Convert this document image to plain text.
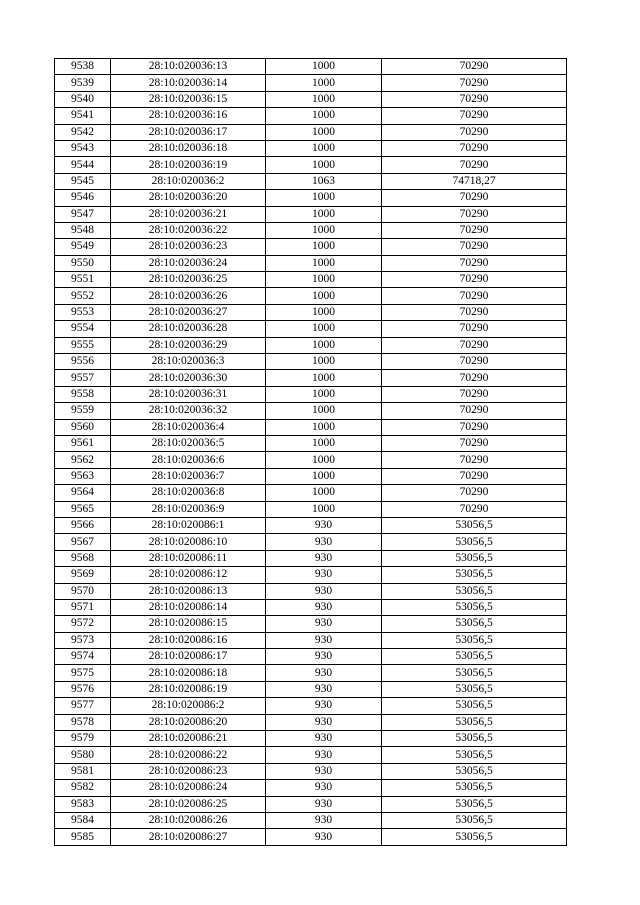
9538	28:10:020036:13	1000	70290
9539	28:10:020036:14	1000	70290
9540	28:10:020036:15	1000	70290
9541	28:10:020036:16	1000	70290
9542	28:10:020036:17	1000	70290
9543	28:10:020036:18	1000	70290
9544	28:10:020036:19	1000	70290
9545	28:10:020036:2	1063	74718,27
9546	28:10:020036:20	1000	70290
9547	28:10:020036:21	1000	70290
9548	28:10:020036:22	1000	70290
9549	28:10:020036:23	1000	70290
9550	28:10:020036:24	1000	70290
9551	28:10:020036:25	1000	70290
9552	28:10:020036:26	1000	70290
9553	28:10:020036:27	1000	70290
9554	28:10:020036:28	1000	70290
9555	28:10:020036:29	1000	70290
9556	28:10:020036:3	1000	70290
9557	28:10:020036:30	1000	70290
9558	28:10:020036:31	1000	70290
9559	28:10:020036:32	1000	70290
9560	28:10:020036:4	1000	70290
9561	28:10:020036:5	1000	70290
9562	28:10:020036:6	1000	70290
9563	28:10:020036:7	1000	70290
9564	28:10:020036:8	1000	70290
9565	28:10:020036:9	1000	70290
9566	28:10:020086:1	930	53056,5
9567	28:10:020086:10	930	53056,5
9568	28:10:020086:11	930	53056,5
9569	28:10:020086:12	930	53056,5
9570	28:10:020086:13	930	53056,5
9571	28:10:020086:14	930	53056,5
9572	28:10:020086:15	930	53056,5
9573	28:10:020086:16	930	53056,5
9574	28:10:020086:17	930	53056,5
9575	28:10:020086:18	930	53056,5
9576	28:10:020086:19	930	53056,5
9577	28:10:020086:2	930	53056,5
9578	28:10:020086:20	930	53056,5
9579	28:10:020086:21	930	53056,5
9580	28:10:020086:22	930	53056,5
9581	28:10:020086:23	930	53056,5
9582	28:10:020086:24	930	53056,5
9583	28:10:020086:25	930	53056,5
9584	28:10:020086:26	930	53056,5
9585	28:10:020086:27	930	53056,5
